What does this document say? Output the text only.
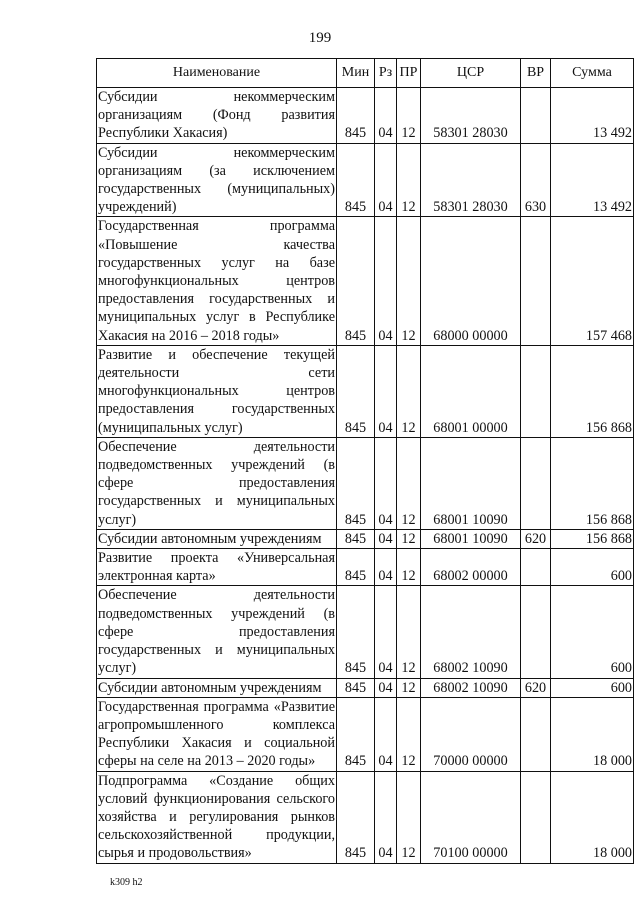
199
Наименование	Мин	Рз	ПР	ЦСР	ВР	Сумма
Субсидии некоммерческим организациям (Фонд развития Республики Хакасия)	845	04	12	58301 28030		13 492
Субсидии некоммерческим организациям (за исключением государственных (муниципальных) учреждений)	845	04	12	58301 28030	630	13 492
Государственная программа «Повышение качества государственных услуг на базе многофункциональных центров предоставления государственных и муниципальных услуг в Республике Хакасия на 2016 – 2018 годы»	845	04	12	68000 00000		157 468
Развитие и обеспечение текущей деятельности сети многофункциональных центров предоставления государственных (муниципальных услуг)	845	04	12	68001 00000		156 868
Обеспечение деятельности подведомственных учреждений (в сфере предоставления государственных и муниципальных услуг)	845	04	12	68001 10090		156 868
Субсидии автономным учреждениям	845	04	12	68001 10090	620	156 868
Развитие проекта «Универсальная электронная карта»	845	04	12	68002 00000		600
Обеспечение деятельности подведомственных учреждений (в сфере предоставления государственных и муниципальных услуг)	845	04	12	68002 10090		600
Субсидии автономным учреждениям	845	04	12	68002 10090	620	600
Государственная программа «Развитие агропромышленного комплекса Республики Хакасия и социальной сферы на селе на 2013 – 2020 годы»	845	04	12	70000 00000		18 000
Подпрограмма «Создание общих условий функционирования сельского хозяйства и регулирования рынков сельскохозяйственной продукции, сырья и продовольствия»	845	04	12	70100 00000		18 000
k309 h2
